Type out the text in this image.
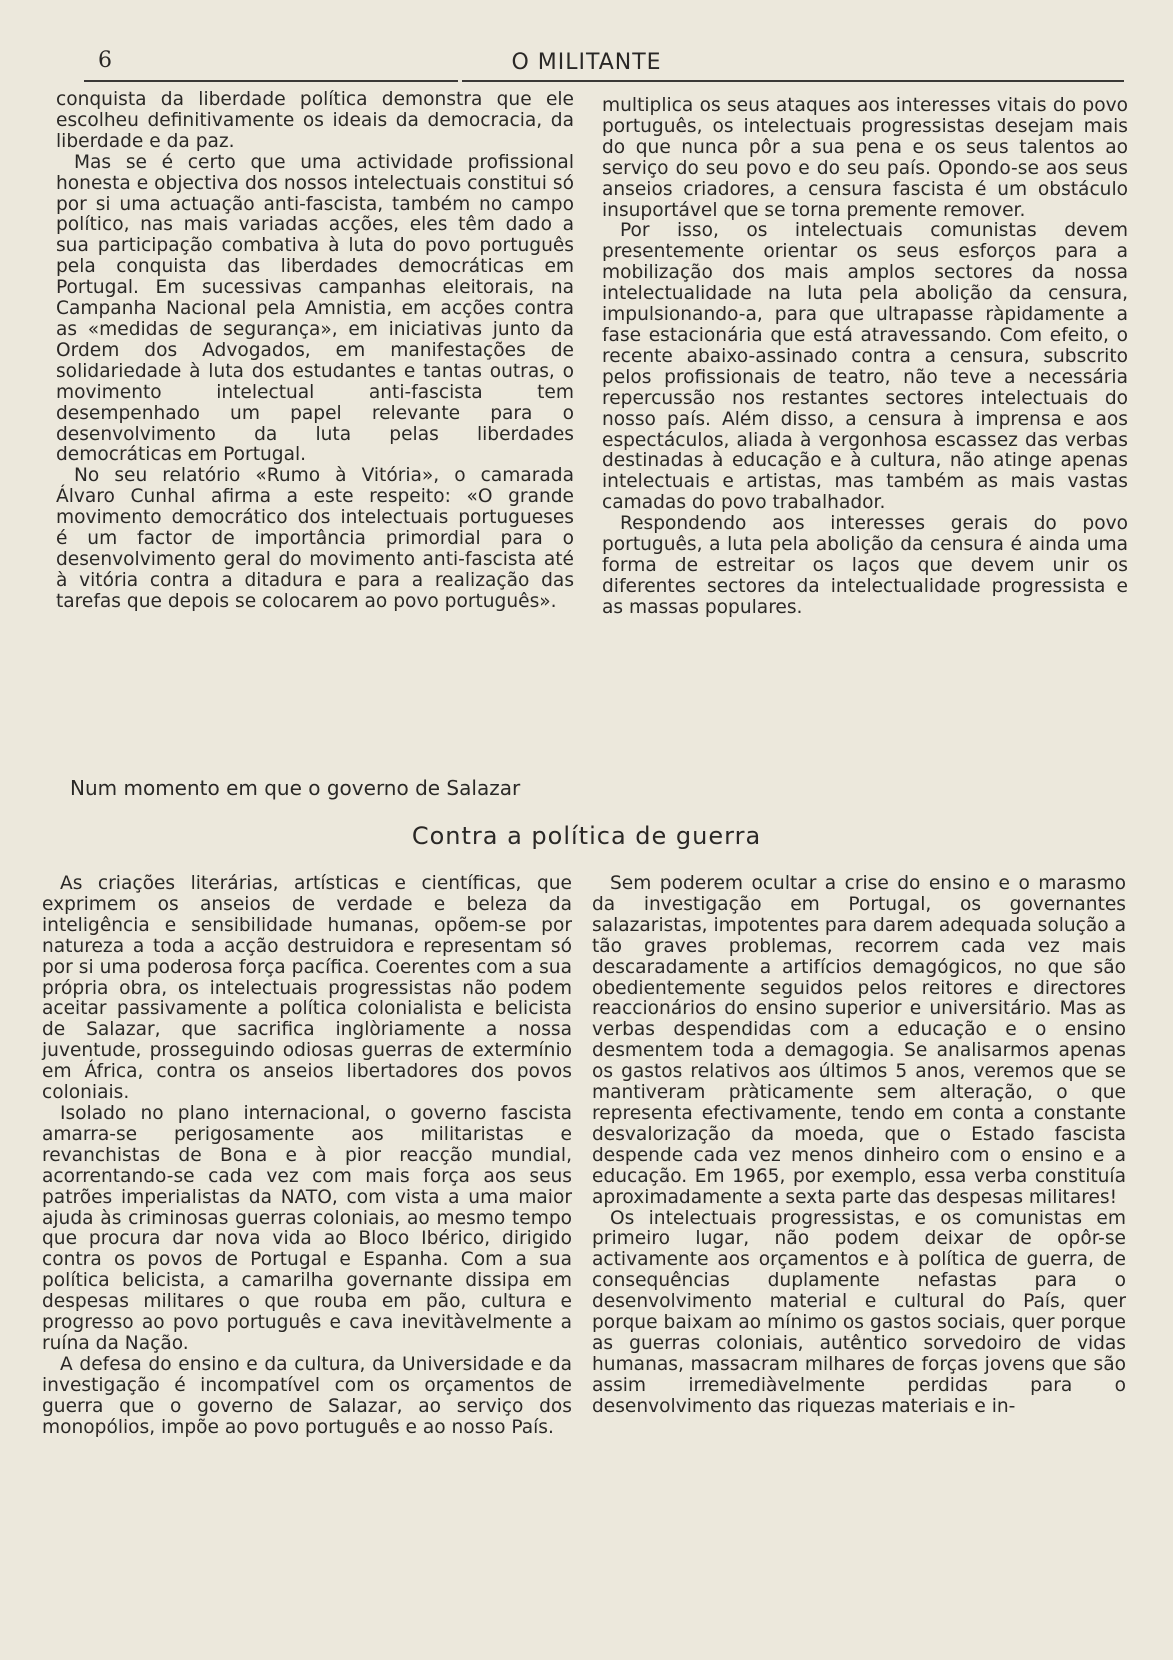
6	O MILITANTE

conquista da liberdade política demonstra que ele escolheu definitivamente os ideais da democracia, da liberdade e da paz.

Mas se é certo que uma actividade profissional honesta e objectiva dos nossos intelectuais constitui só por si uma actuação anti-fascista, também no campo político, nas mais variadas acções, eles têm dado a sua participação combativa à luta do povo português pela conquista das liberdades democráticas em Portugal. Em sucessivas campanhas eleitorais, na Campanha Nacional pela Amnistia, em acções contra as «medidas de segurança», em iniciativas junto da Ordem dos Advogados, em manifestações de solidariedade à luta dos estudantes e tantas outras, o movimento intelectual anti-fascista tem desempenhado um papel relevante para o desenvolvimento da luta pelas liberdades democráticas em Portugal.

No seu relatório «Rumo à Vitória», o camarada Álvaro Cunhal afirma a este respeito: «O grande movimento democrático dos intelectuais portugueses é um factor de importância primordial para o desenvolvimento geral do movimento anti-fascista até à vitória contra a ditadura e para a realização das tarefas que depois se colocarem ao povo português».

Num momento em que o governo de Salazar

multiplica os seus ataques aos interesses vitais do povo português, os intelectuais progressistas desejam mais do que nunca pôr a sua pena e os seus talentos ao serviço do seu povo e do seu país. Opondo-se aos seus anseios criadores, a censura fascista é um obstáculo insuportável que se torna premente remover.

Por isso, os intelectuais comunistas devem presentemente orientar os seus esforços para a mobilização dos mais amplos sectores da nossa intelectualidade na luta pela abolição da censura, impulsionando-a, para que ultrapasse ràpidamente a fase estacionária que está atravessando. Com efeito, o recente abaixo-assinado contra a censura, subscrito pelos profissionais de teatro, não teve a necessária repercussão nos restantes sectores intelectuais do nosso país. Além disso, a censura à imprensa e aos espectáculos, aliada à vergonhosa escassez das verbas destinadas à educação e à cultura, não atinge apenas intelectuais e artistas, mas também as mais vastas camadas do povo trabalhador.

Respondendo aos interesses gerais do povo português, a luta pela abolição da censura é ainda uma forma de estreitar os laços que devem unir os diferentes sectores da intelectualidade progressista e as massas populares.

Contra a política de guerra

As criações literárias, artísticas e científicas, que exprimem os anseios de verdade e beleza da inteligência e sensibilidade humanas, opõem-se por natureza a toda a acção destruidora e representam só por si uma poderosa força pacífica. Coerentes com a sua própria obra, os intelectuais progressistas não podem aceitar passivamente a política colonialista e belicista de Salazar, que sacrifica inglòriamente a nossa juventude, prosseguindo odiosas guerras de extermínio em África, contra os anseios libertadores dos povos coloniais.

Isolado no plano internacional, o governo fascista amarra-se perigosamente aos militaristas e revanchistas de Bona e à pior reacção mundial, acorrentando-se cada vez com mais força aos seus patrões imperialistas da NATO, com vista a uma maior ajuda às criminosas guerras coloniais, ao mesmo tempo que procura dar nova vida ao Bloco Ibérico, dirigido contra os povos de Portugal e Espanha. Com a sua política belicista, a camarilha governante dissipa em despesas militares o que rouba em pão, cultura e progresso ao povo português e cava inevitàvelmente a ruína da Nação.

A defesa do ensino e da cultura, da Universidade e da investigação é incompatível com os orçamentos de guerra que o governo de Salazar, ao serviço dos monopólios, impõe ao povo português e ao nosso País.

Sem poderem ocultar a crise do ensino e o marasmo da investigação em Portugal, os governantes salazaristas, impotentes para darem adequada solução a tão graves problemas, recorrem cada vez mais descaradamente a artifícios demagógicos, no que são obedientemente seguidos pelos reitores e directores reaccionários do ensino superior e universitário. Mas as verbas despendidas com a educação e o ensino desmentem toda a demagogia. Se analisarmos apenas os gastos relativos aos últimos 5 anos, veremos que se mantiveram pràticamente sem alteração, o que representa efectivamente, tendo em conta a constante desvalorização da moeda, que o Estado fascista despende cada vez menos dinheiro com o ensino e a educação. Em 1965, por exemplo, essa verba constituía aproximadamente a sexta parte das despesas militares!

Os intelectuais progressistas, e os comunistas em primeiro lugar, não podem deixar de opôr-se activamente aos orçamentos e à política de guerra, de consequências duplamente nefastas para o desenvolvimento material e cultural do País, quer porque baixam ao mínimo os gastos sociais, quer porque as guerras coloniais, autêntico sorvedoiro de vidas humanas, massacram milhares de forças jovens que são assim irremediàvelmente perdidas para o desenvolvimento das riquezas materiais e in-
